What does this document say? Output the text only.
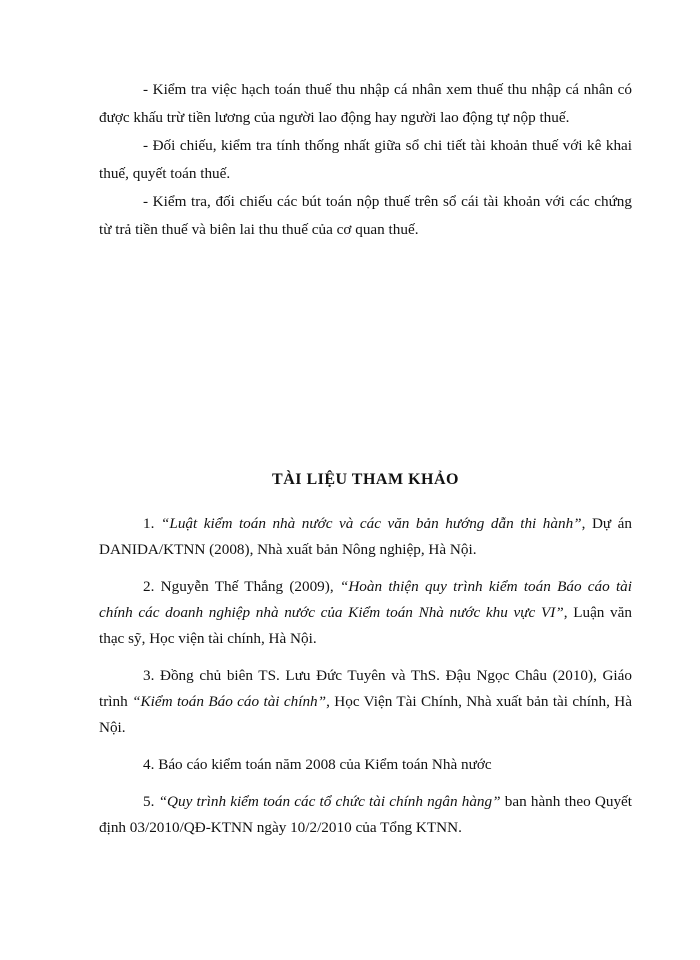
- Kiểm tra việc hạch toán thuế thu nhập cá nhân xem thuế thu nhập cá nhân có được khấu trừ tiền lương của người lao động hay người lao động tự nộp thuế.

- Đối chiếu, kiểm tra tính thống nhất giữa sổ chi tiết tài khoản thuế với kê khai thuế, quyết toán thuế.

- Kiểm tra, đối chiếu các bút toán nộp thuế trên sổ cái tài khoản với các chứng từ trả tiền thuế và biên lai thu thuế của cơ quan thuế.

TÀI LIỆU THAM KHẢO

1. “Luật kiểm toán nhà nước và các văn bản hướng dẫn thi hành”, Dự án DANIDA/KTNN (2008), Nhà xuất bản Nông nghiệp, Hà Nội.

2. Nguyễn Thế Thắng (2009), “Hoàn thiện quy trình kiểm toán Báo cáo tài chính các doanh nghiệp nhà nước của Kiểm toán Nhà nước khu vực VI”, Luận văn thạc sỹ, Học viện tài chính, Hà Nội.

3. Đồng chủ biên TS. Lưu Đức Tuyên và ThS. Đậu Ngọc Châu (2010), Giáo trình “Kiểm toán Báo cáo tài chính”, Học Viện Tài Chính, Nhà xuất bản tài chính, Hà Nội.

4. Báo cáo kiểm toán năm 2008 của Kiểm toán Nhà nước

5. “Quy trình kiểm toán các tổ chức tài chính ngân hàng” ban hành theo Quyết định 03/2010/QĐ-KTNN ngày 10/2/2010 của Tổng KTNN.
